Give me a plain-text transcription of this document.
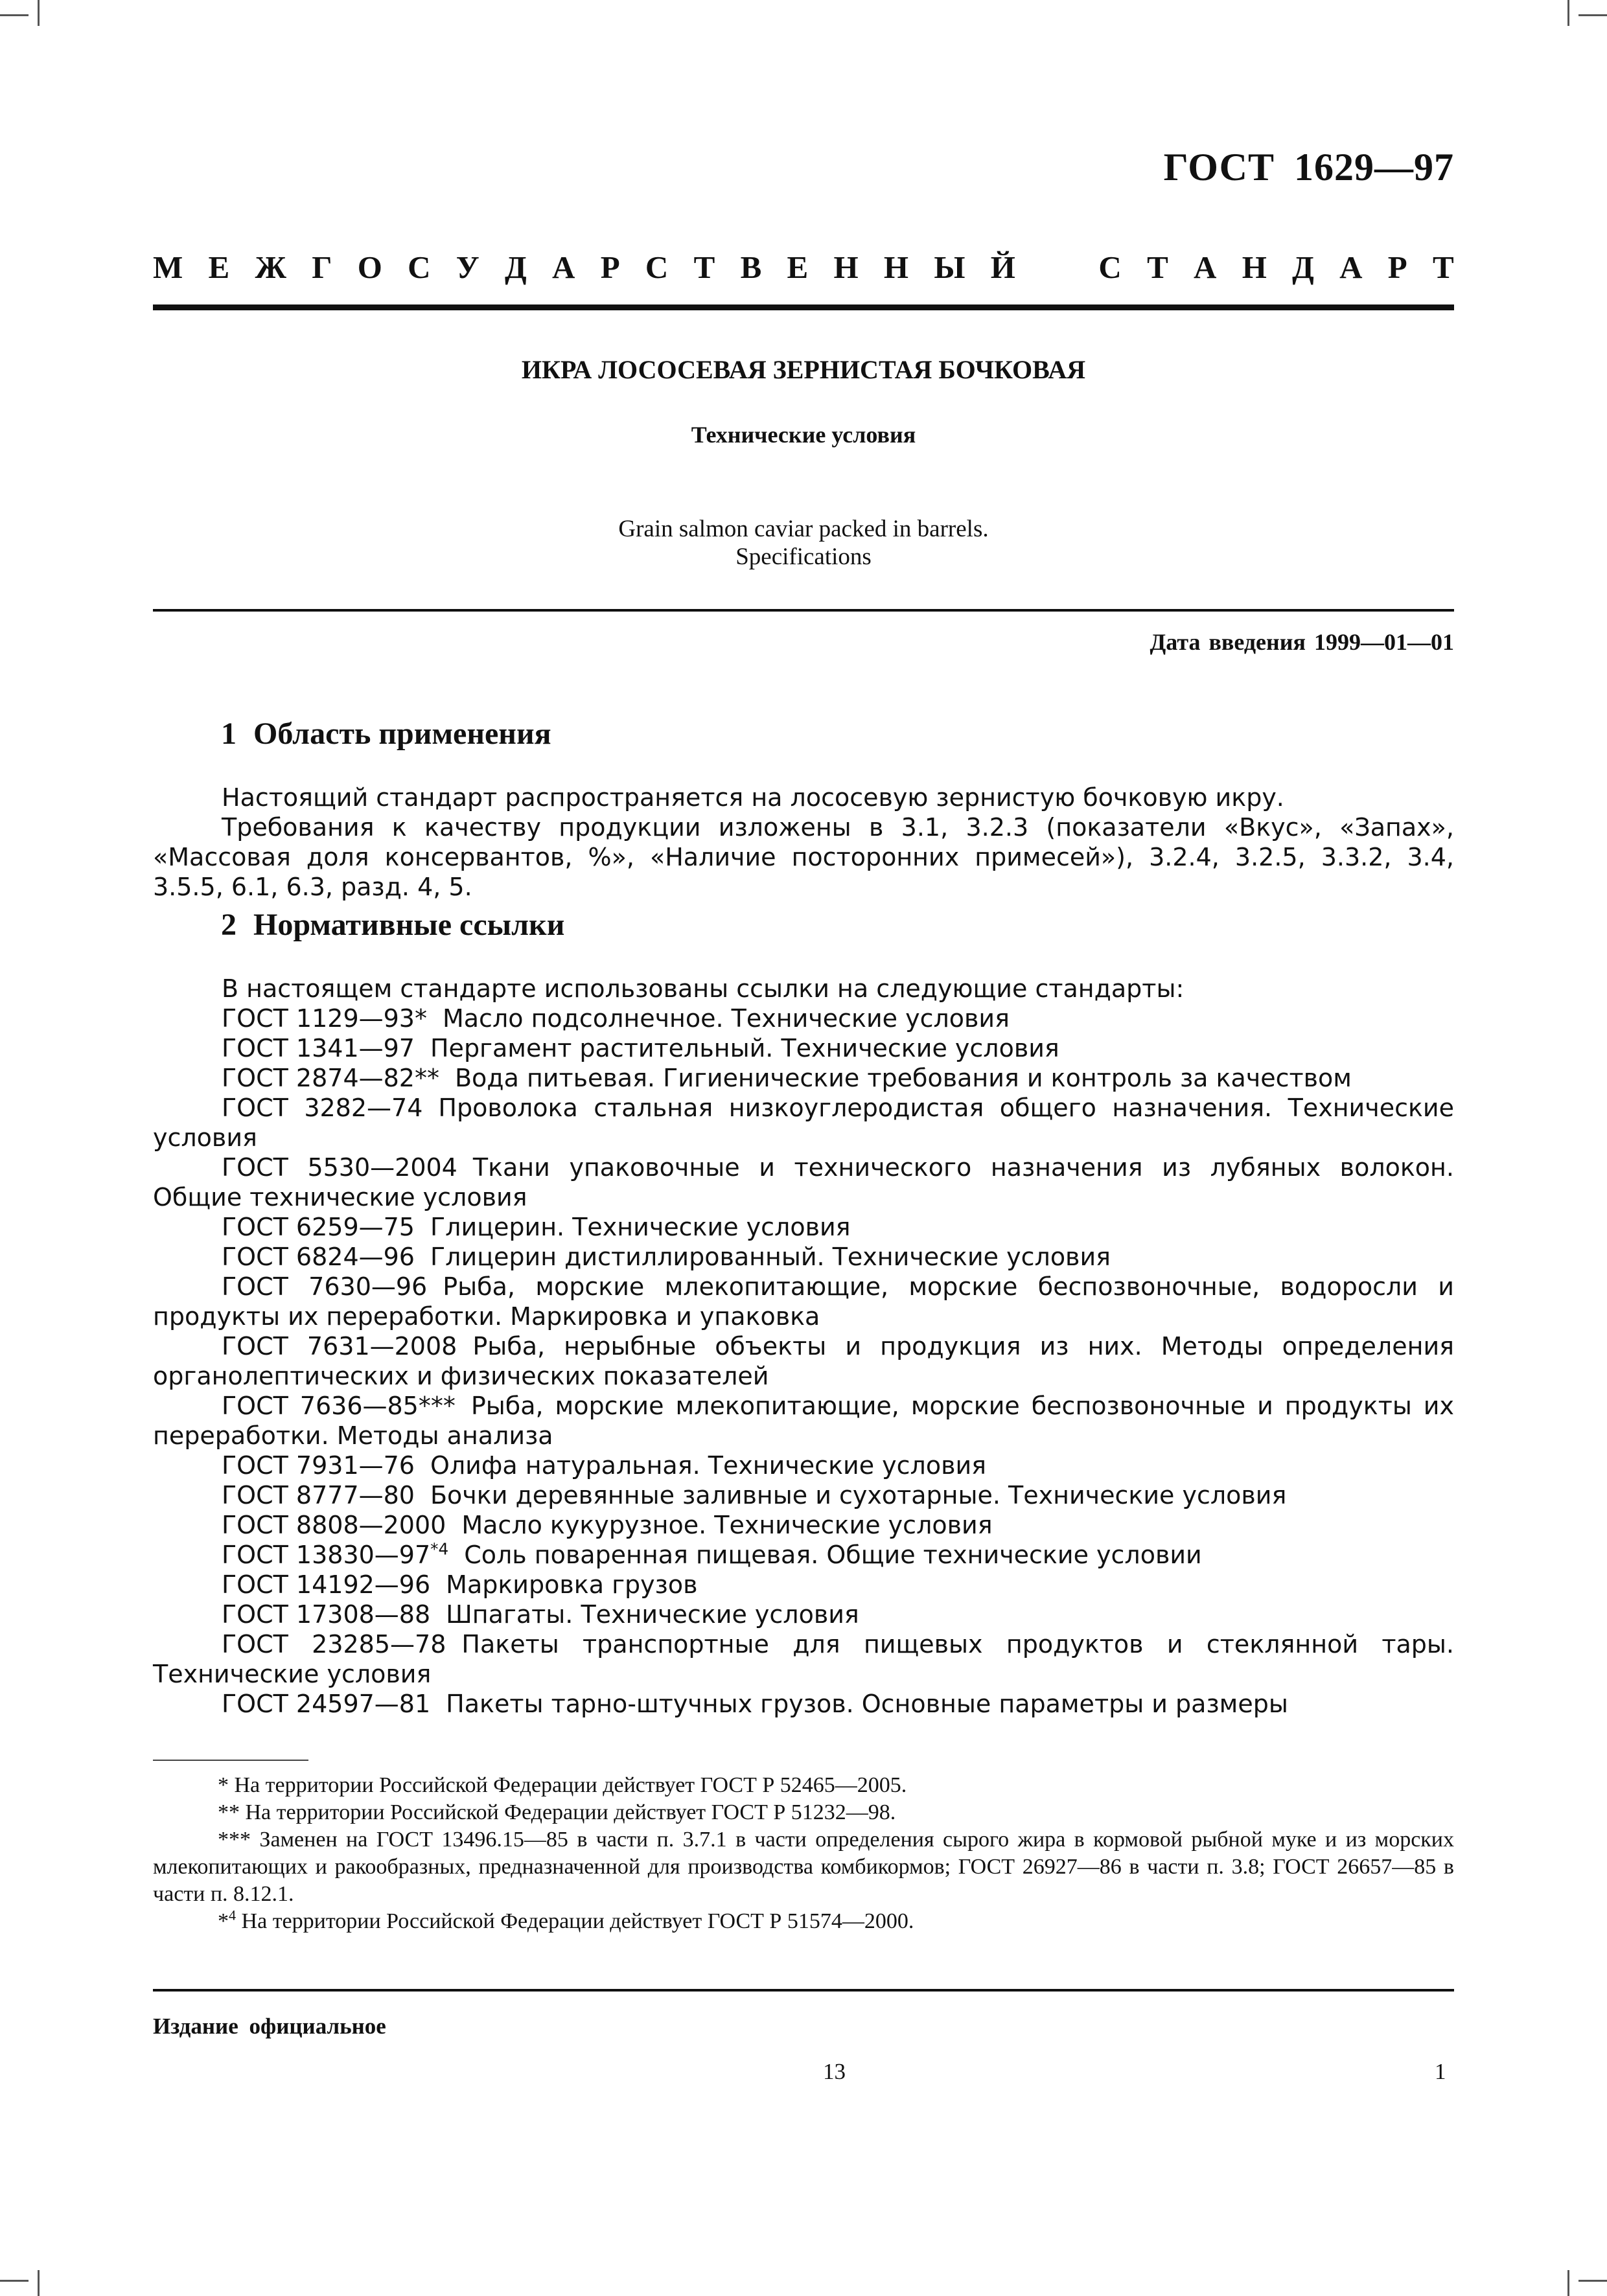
ГОСТ 1629—97
М Е Ж Г О С У Д А Р С Т В Е Н Н Ы Й	С Т А Н Д А Р Т
ИКРА ЛОСОСЕВАЯ ЗЕРНИСТАЯ БОЧКОВАЯ
Технические условия
Grain salmon caviar packed in barrels.
Specifications
Дата введения 1999—01—01
1 Область применения

Настоящий стандарт распространяется на лососевую зернистую бочковую икру.

Требования к качеству продукции изложены в 3.1, 3.2.3 (показатели «Вкус», «Запах», «Массовая доля консервантов, %», «Наличие посторонних примесей»), 3.2.4, 3.2.5, 3.3.2, 3.4, 3.5.5, 6.1, 6.3, разд. 4, 5.

2 Нормативные ссылки

В настоящем стандарте использованы ссылки на следующие стандарты:

ГОСТ 1129—93* Масло подсолнечное. Технические условия

ГОСТ 1341—97 Пергамент растительный. Технические условия

ГОСТ 2874—82** Вода питьевая. Гигиенические требования и контроль за качеством

ГОСТ 3282—74 Проволока стальная низкоуглеродистая общего назначения. Технические условия

ГОСТ 5530—2004 Ткани упаковочные и технического назначения из лубяных волокон. Общие технические условия

ГОСТ 6259—75 Глицерин. Технические условия

ГОСТ 6824—96 Глицерин дистиллированный. Технические условия

ГОСТ 7630—96 Рыба, морские млекопитающие, морские беспозвоночные, водоросли и продукты их переработки. Маркировка и упаковка

ГОСТ 7631—2008 Рыба, нерыбные объекты и продукция из них. Методы определения органолептических и физических показателей

ГОСТ 7636—85*** Рыба, морские млекопитающие, морские беспозвоночные и продукты их переработки. Методы анализа

ГОСТ 7931—76 Олифа натуральная. Технические условия

ГОСТ 8777—80 Бочки деревянные заливные и сухотарные. Технические условия

ГОСТ 8808—2000 Масло кукурузное. Технические условия

ГОСТ 13830—97$^{*4}$ Соль поваренная пищевая. Общие технические условии

ГОСТ 14192—96 Маркировка грузов

ГОСТ 17308—88 Шпагаты. Технические условия

ГОСТ 23285—78 Пакеты транспортные для пищевых продуктов и стеклянной тары. Технические условия

ГОСТ 24597—81 Пакеты тарно-штучных грузов. Основные параметры и размеры

* На территории Российской Федерации действует ГОСТ Р 52465—2005.

** На территории Российской Федерации действует ГОСТ Р 51232—98.

*** Заменен на ГОСТ 13496.15—85 в части п. 3.7.1 в части определения сырого жира в кормовой рыбной муке и из морских млекопитающих и ракообразных, предназначенной для производства комбикормов; ГОСТ 26927—86 в части п. 3.8; ГОСТ 26657—85 в части п. 8.12.1.

*$^4$ На территории Российской Федерации действует ГОСТ Р 51574—2000.

Издание официальное
13	1
